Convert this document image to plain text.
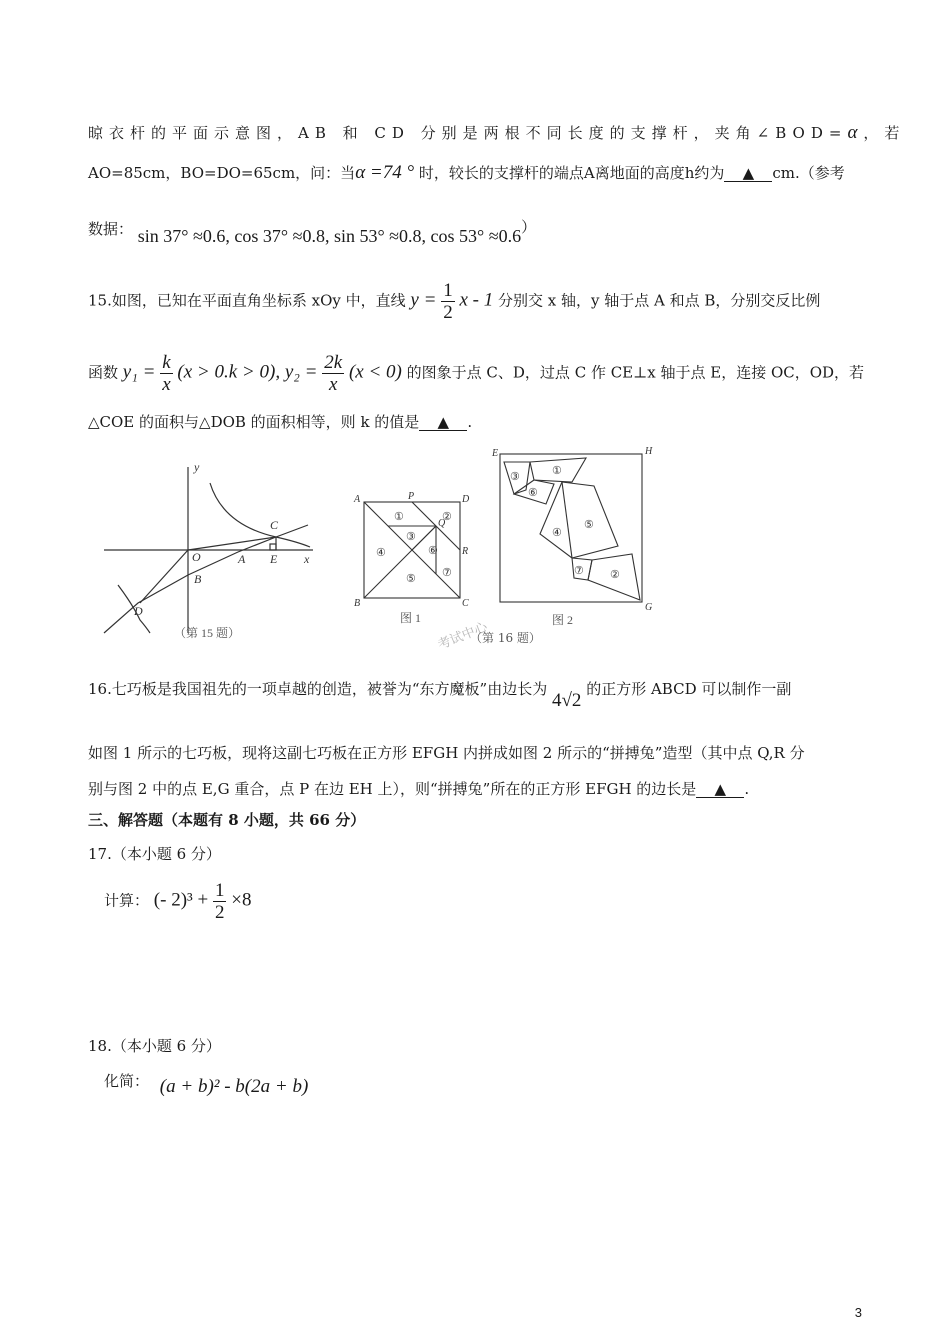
晾衣杆的平面示意图，AB 和 CD 分别是两根不同长度的支撑杆，夹角∠BOD=α，若
AO=85cm，BO=DO=65cm，问：当α =74 ° 时，较长的支撑杆的端点A离地面的高度h约为 ▲ cm.（参考
数据： sin 37° ≈0.6, cos 37° ≈0.8, sin 53° ≈0.8, cos 53° ≈0.6）
15.如图，已知在平面直角坐标系 xOy 中，直线 $y = \frac{1}{2}$ x - 1 分别交 x 轴，y 轴于点 A 和点 B，分别交反比例
函数 $y_1 = \frac{k}{x} (x > 0.k > 0)$, $y_2 = \frac{2k}{x} (x < 0)$ 的图象于点 C、D，过点 C 作 CE⊥x 轴于点 E，连接 OC，OD，若
△COE 的面积与△DOB 的面积相等，则 k 的值是 ▲ .
y
x
O	A
B
C
D
E
（第 15 题）
A	P	D
B	C
Q
R
①	②
③
④
⑤
⑥
⑦
图 1
E	H
G
③	①
⑥
④
⑤
⑦ ②
图 2
考试中心
（第 16 题）
16.七巧板是我国祖先的一项卓越的创造，被誉为“东方魔板”由边长为 4√2 的正方形 ABCD 可以制作一副
如图 1 所示的七巧板，现将这副七巧板在正方形 EFGH 内拼成如图 2 所示的“拼搏兔”造型（其中点 Q,R 分
别与图 2 中的点 E,G 重合，点 P 在边 EH 上），则“拼搏兔”所在的正方形 EFGH 的边长是 ▲ .
三、解答题（本题有 8 小题，共 66 分）
17.（本小题 6 分）
计算： (- $2)^3 + \frac{1}{2} \times 8$
18.（本小题 6 分）
化简： (a + b)² - b(2a + b)
3
